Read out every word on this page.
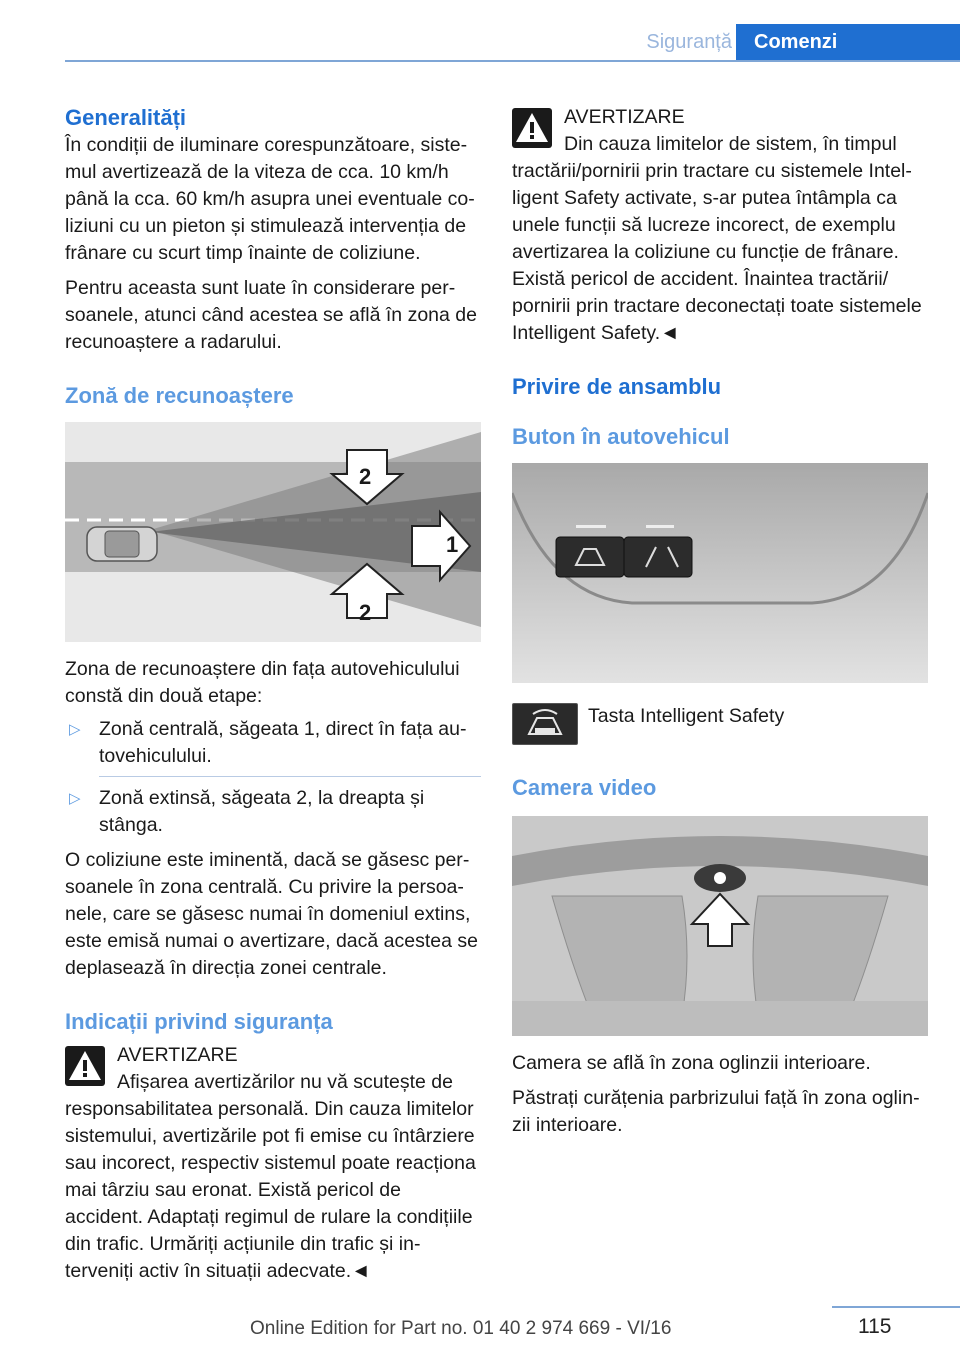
Siguranță	Comenzi
Generalități

În condiții de iluminare corespunzătoare, sistemul avertizează de la viteza de cca. 10 km/h până la cca. 60 km/h asupra unei eventuale coliziuni cu un pieton și stimulează intervenția de frânare cu scurt timp înainte de coliziune.

Pentru aceasta sunt luate în considerare persoanele, atunci când acestea se află în zona de recunoaștere a radarului.

Zonă de recunoaștere
2
1
2

Zona de recunoaștere din fața autovehiculului constă din două etape:

▷ Zonă centrală, săgeata 1, direct în fața autovehiculului.
▷ Zonă extinsă, săgeata 2, la dreapta și stânga.

O coliziune este iminentă, dacă se găsesc persoanele în zona centrală. Cu privire la persoanele, care se găsesc numai în domeniul extins, este emisă numai o avertizare, dacă acestea se deplasează în direcția zonei centrale.

Indicații privind siguranța
AVERTIZARE
Afișarea avertizărilor nu vă scutește de
responsabilitatea personală. Din cauza limitelor sistemului, avertizările pot fi emise cu întârziere sau incorect, respectiv sistemul poate reacționa mai târziu sau eronat. Există pericol de accident. Adaptați regimul de rulare la condițiile din trafic. Urmăriți acțiunile din trafic și interveniți activ în situații adecvate.◄
AVERTIZARE
Din cauza limitelor de sistem, în timpul
tractării/pornirii prin tractare cu sistemele Intelligent Safety activate, s-ar putea întâmpla ca unele funcții să lucreze incorect, de exemplu avertizarea la coliziune cu funcție de frânare. Există pericol de accident. Înaintea tractării/ pornirii prin tractare deconectați toate sistemele Intelligent Safety.◄
Privire de ansamblu
Buton în autovehicul
Tasta Intelligent Safety
Camera video

Camera se află în zona oglinzii interioare.

Păstrați curățenia parbrizului față în zona oglinzii interioare.

115
Online Edition for Part no. 01 40 2 974 669 - VI/16
